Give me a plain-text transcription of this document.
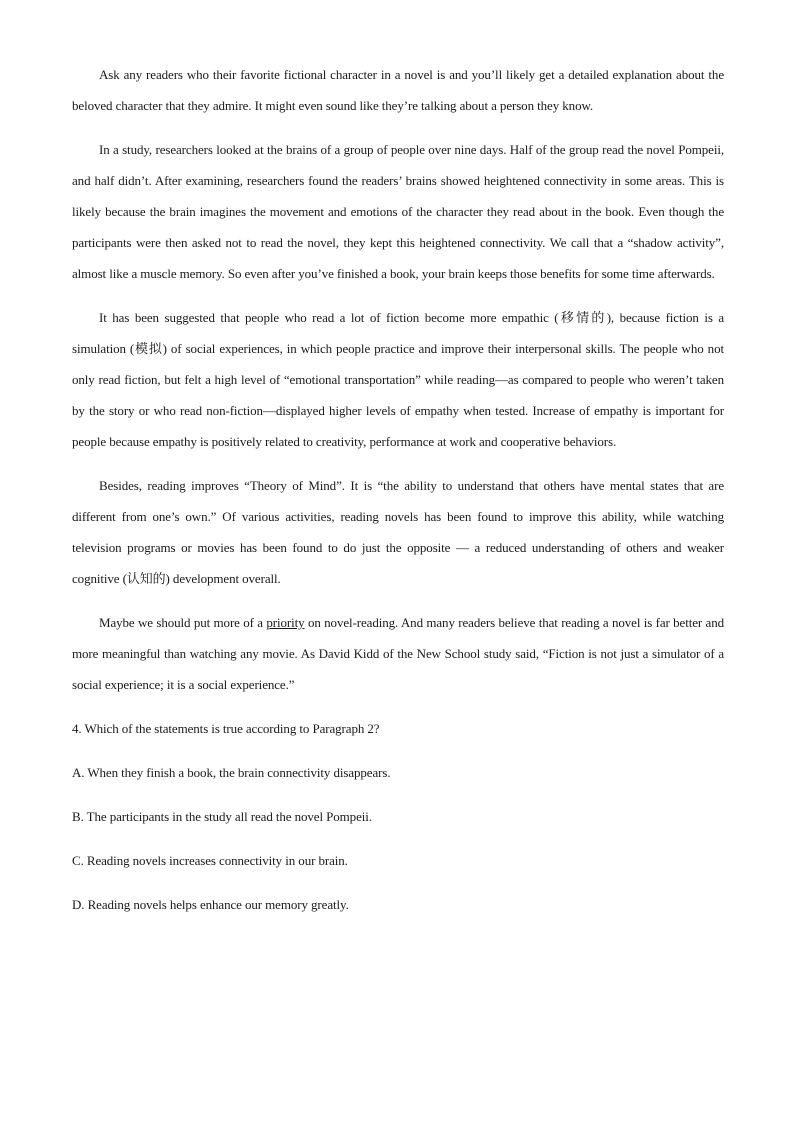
Ask any readers who their favorite fictional character in a novel is and you’ll likely get a detailed explanation about the beloved character that they admire. It might even sound like they’re talking about a person they know.

In a study, researchers looked at the brains of a group of people over nine days. Half of the group read the novel Pompeii, and half didn’t. After examining, researchers found the readers’ brains showed heightened connectivity in some areas. This is likely because the brain imagines the movement and emotions of the character they read about in the book. Even though the participants were then asked not to read the novel, they kept this heightened connectivity. We call that a “shadow activity”, almost like a muscle memory. So even after you’ve finished a book, your brain keeps those benefits for some time afterwards.

It has been suggested that people who read a lot of fiction become more empathic (移情的), because fiction is a simulation (模拟) of social experiences, in which people practice and improve their interpersonal skills. The people who not only read fiction, but felt a high level of “emotional transportation” while reading—as compared to people who weren’t taken by the story or who read non-fiction—displayed higher levels of empathy when tested. Increase of empathy is important for people because empathy is positively related to creativity, performance at work and cooperative behaviors.

Besides, reading improves “Theory of Mind”. It is “the ability to understand that others have mental states that are different from one’s own.” Of various activities, reading novels has been found to improve this ability, while watching television programs or movies has been found to do just the opposite — a reduced understanding of others and weaker cognitive (认知的) development overall.

Maybe we should put more of a priority on novel-reading. And many readers believe that reading a novel is far better and more meaningful than watching any movie. As David Kidd of the New School study said, “Fiction is not just a simulator of a social experience; it is a social experience.”

4. Which of the statements is true according to Paragraph 2?

A. When they finish a book, the brain connectivity disappears.

B. The participants in the study all read the novel Pompeii.

C. Reading novels increases connectivity in our brain.

D. Reading novels helps enhance our memory greatly.
